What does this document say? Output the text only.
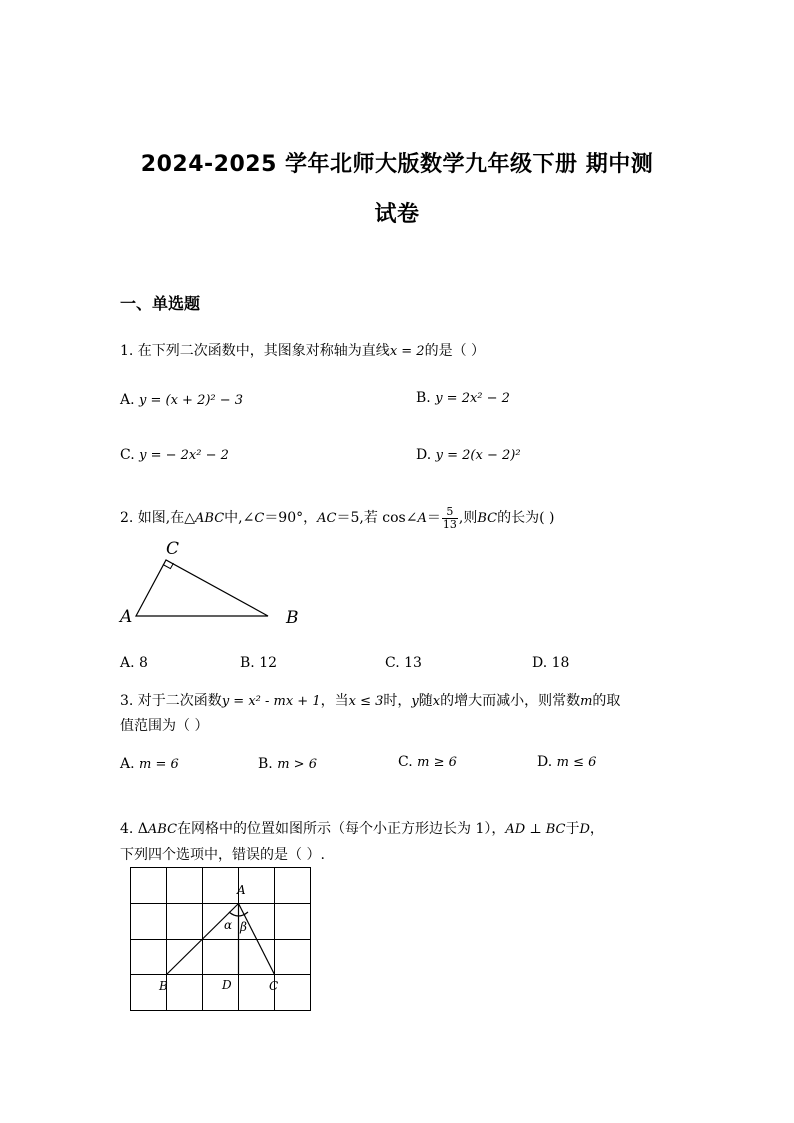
2024-2025 学年北师大版数学九年级下册 期中测
试卷
一、单选题
1. 在下列二次函数中，其图象对称轴为直线x = 2的是（ ）
A. y = (x + 2)² − 3	B. y = 2x² − 2
C. y = − 2x² − 2	D. y = 2(x − 2)²
2. 如图,在△ABC中,∠C＝90°，AC＝5,若 cos∠A＝ $\frac{5}{13}$ ,则BC的长为( )
C
A	B
A. 8	B. 12	C. 13	D. 18
3. 对于二次函数y = x² - mx + 1，当x ≤ 3时，y随x的增大而减小，则常数m的取
值范围为（ ）
A. m = 6	B. m > 6	C. m ≥ 6	D. m ≤ 6
4. ΔABC在网格中的位置如图所示（每个小正方形边长为 1），AD ⊥ BC于D，
下列四个选项中，错误的是（ ）.
A
B	D	C
α β
